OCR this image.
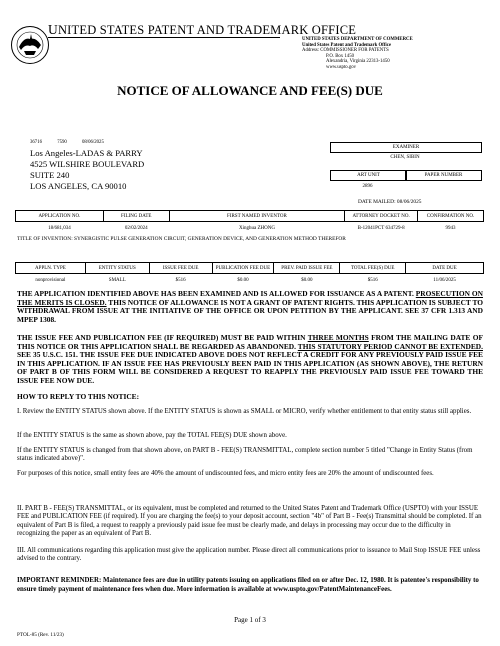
UNITED STATES PATENT AND TRADEMARK OFFICE
UNITED STATES DEPARTMENT OF COMMERCE
United States Patent and Trademark Office
Address: COMMISSIONER FOR PATENTS
P.O. Box 1450
Alexandria, Virginia 22313-1450
www.uspto.gov
NOTICE OF ALLOWANCE AND FEE(S) DUE
36716	7590	08/06/2025
Los Angeles-LADAS & PARRY
4525 WILSHIRE BOULEVARD
SUITE 240
LOS ANGELES, CA 90010
EXAMINER
CHEN, SIBIN
ART UNIT	PAPER NUMBER
2896
DATE MAILED: 08/06/2025
APPLICATION NO.	FILING DATE	FIRST NAMED INVENTOR	ATTORNEY DOCKET NO.	CONFIRMATION NO.
18/681,034	02/02/2024	Xinghua ZHONG	B-12041PCT 634729-8	9943
TITLE OF INVENTION: SYNERGISTIC PULSE GENERATION CIRCUIT, GENERATION DEVICE, AND GENERATION METHOD THEREFOR
APPLN. TYPE	ENTITY STATUS	ISSUE FEE DUE	PUBLICATION FEE DUE	PREV. PAID ISSUE FEE	TOTAL FEE(S) DUE	DATE DUE
nonprovisional	SMALL	$516	$0.00	$0.00	$516	11/06/2025
THE APPLICATION IDENTIFIED ABOVE HAS BEEN EXAMINED AND IS ALLOWED FOR ISSUANCE AS A PATENT. PROSECUTION ON THE MERITS IS CLOSED. THIS NOTICE OF ALLOWANCE IS NOT A GRANT OF PATENT RIGHTS. THIS APPLICATION IS SUBJECT TO WITHDRAWAL FROM ISSUE AT THE INITIATIVE OF THE OFFICE OR UPON PETITION BY THE APPLICANT. SEE 37 CFR 1.313 AND MPEP 1308.
THE ISSUE FEE AND PUBLICATION FEE (IF REQUIRED) MUST BE PAID WITHIN THREE MONTHS FROM THE MAILING DATE OF THIS NOTICE OR THIS APPLICATION SHALL BE REGARDED AS ABANDONED. THIS STATUTORY PERIOD CANNOT BE EXTENDED. SEE 35 U.S.C. 151. THE ISSUE FEE DUE INDICATED ABOVE DOES NOT REFLECT A CREDIT FOR ANY PREVIOUSLY PAID ISSUE FEE IN THIS APPLICATION. IF AN ISSUE FEE HAS PREVIOUSLY BEEN PAID IN THIS APPLICATION (AS SHOWN ABOVE), THE RETURN OF PART B OF THIS FORM WILL BE CONSIDERED A REQUEST TO REAPPLY THE PREVIOUSLY PAID ISSUE FEE TOWARD THE ISSUE FEE NOW DUE.
HOW TO REPLY TO THIS NOTICE:
I. Review the ENTITY STATUS shown above. If the ENTITY STATUS is shown as SMALL or MICRO, verify whether entitlement to that entity status still applies.
If the ENTITY STATUS is the same as shown above, pay the TOTAL FEE(S) DUE shown above.
If the ENTITY STATUS is changed from that shown above, on PART B - FEE(S) TRANSMITTAL, complete section number 5 titled "Change in Entity Status (from status indicated above)".
For purposes of this notice, small entity fees are 40% the amount of undiscounted fees, and micro entity fees are 20% the amount of undiscounted fees.
II. PART B - FEE(S) TRANSMITTAL, or its equivalent, must be completed and returned to the United States Patent and Trademark Office (USPTO) with your ISSUE FEE and PUBLICATION FEE (if required). If you are charging the fee(s) to your deposit account, section "4b" of Part B - Fee(s) Transmittal should be completed. If an equivalent of Part B is filed, a request to reapply a previously paid issue fee must be clearly made, and delays in processing may occur due to the difficulty in recognizing the paper as an equivalent of Part B.
III. All communications regarding this application must give the application number. Please direct all communications prior to issuance to Mail Stop ISSUE FEE unless advised to the contrary.
IMPORTANT REMINDER: Maintenance fees are due in utility patents issuing on applications filed on or after Dec. 12, 1980. It is patentee's responsibility to ensure timely payment of maintenance fees when due. More information is available at www.uspto.gov/PatentMaintenanceFees.
Page 1 of 3
PTOL-85 (Rev. 11/23)
